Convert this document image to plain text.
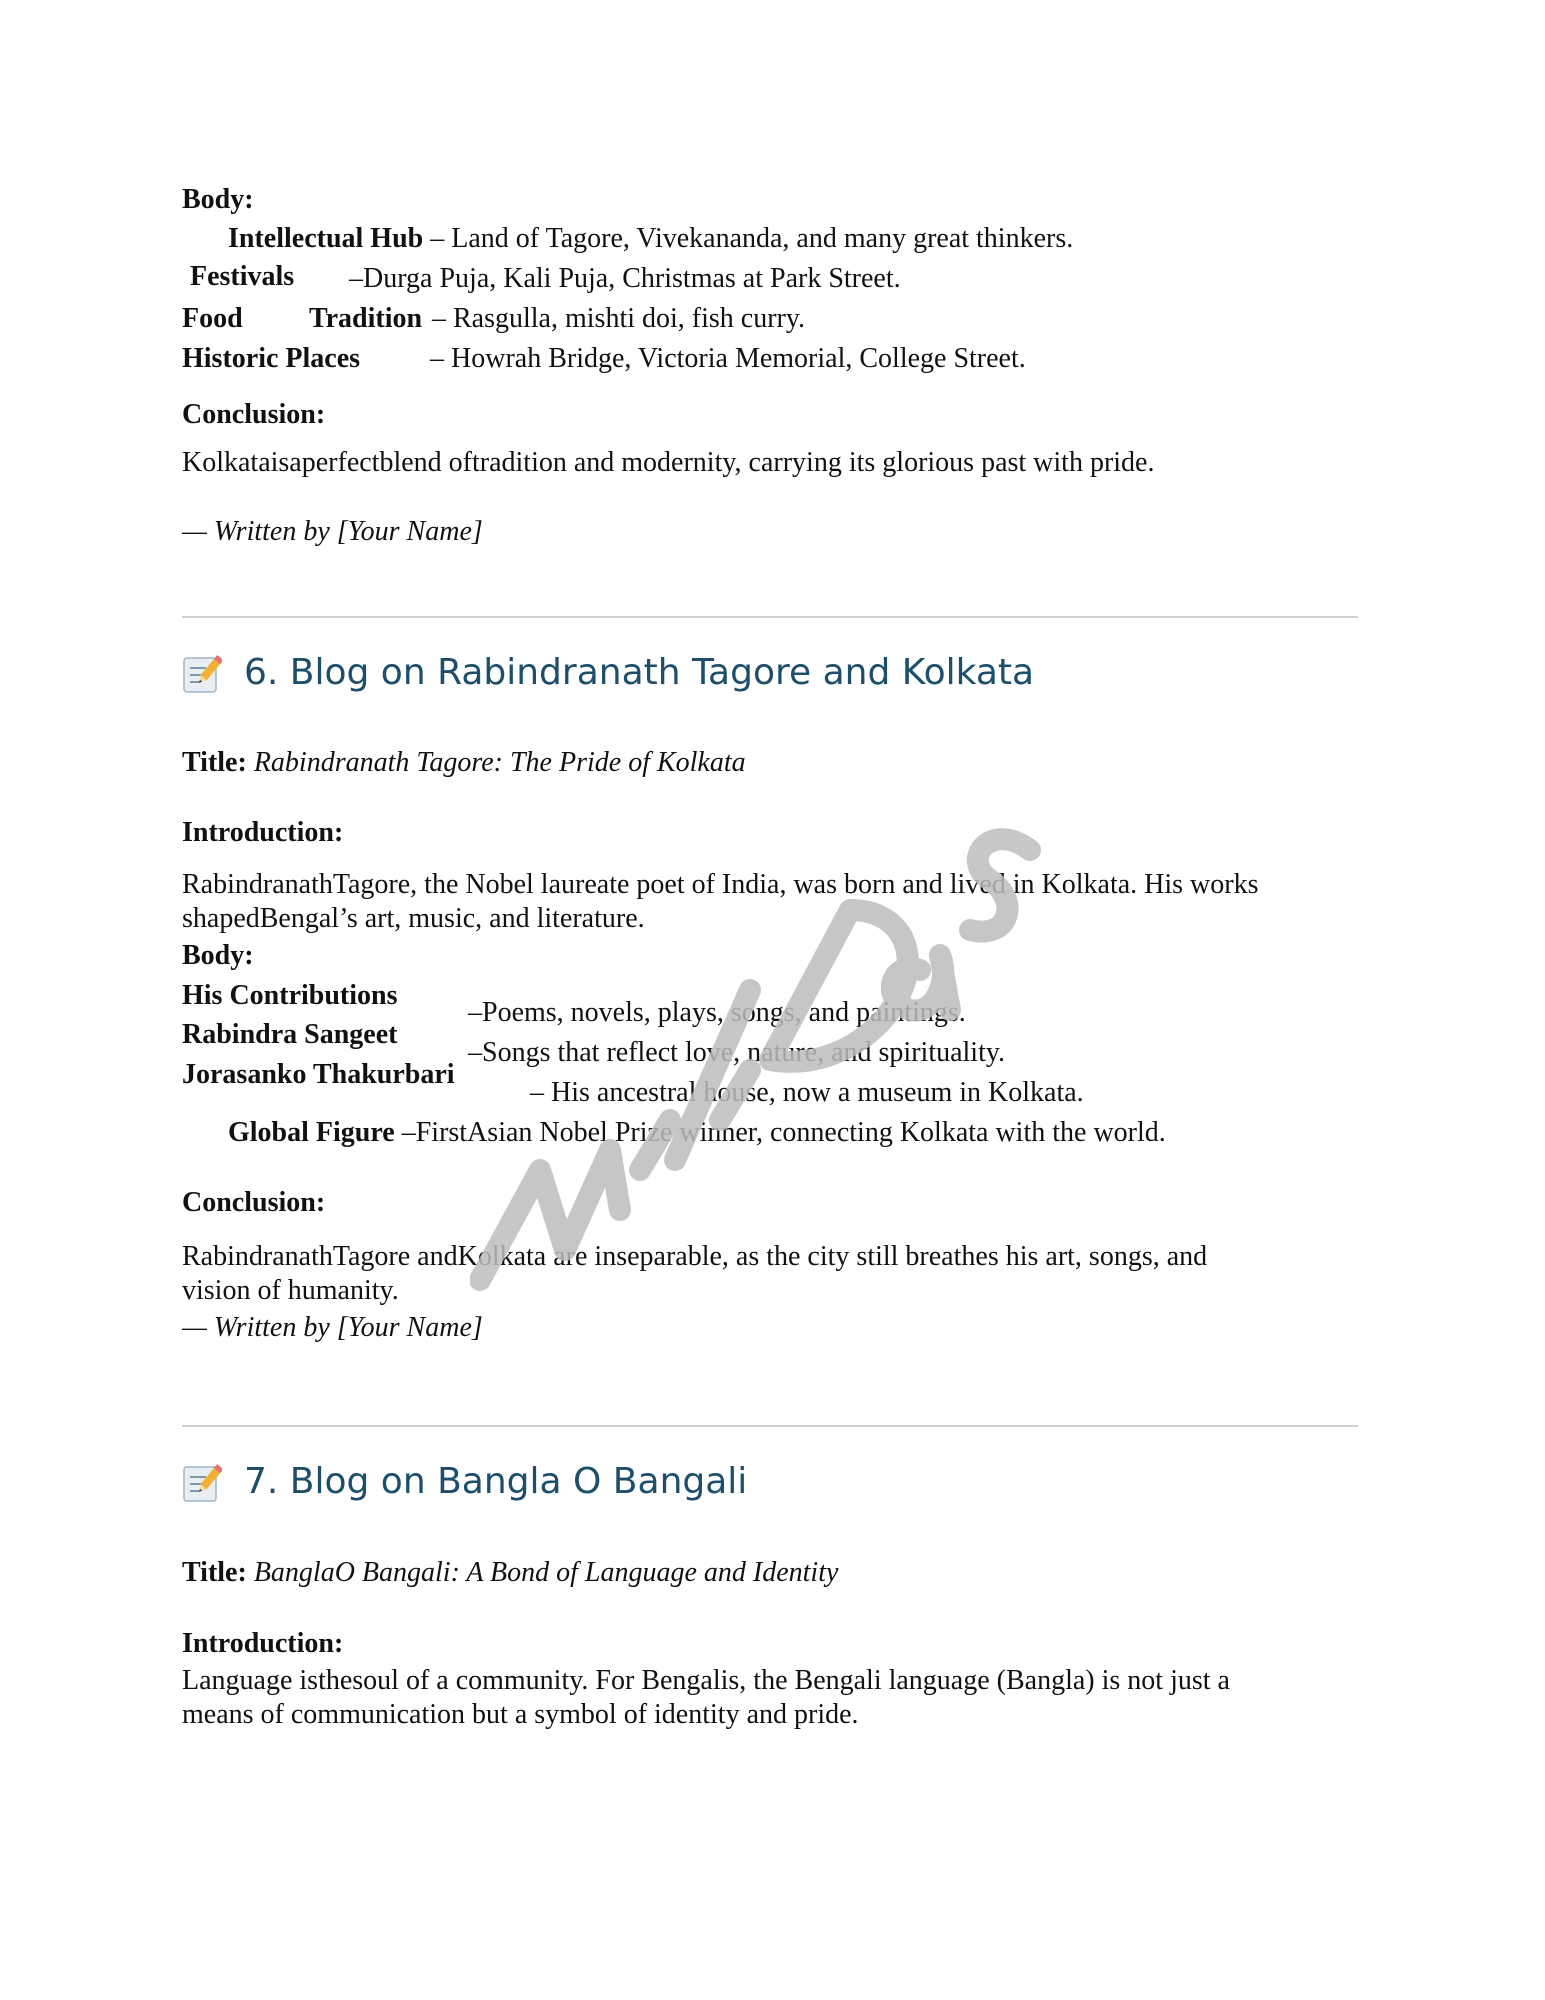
Body:
Intellectual Hub – Land of Tagore, Vivekananda, and many great thinkers.
Festivals –Durga Puja, Kali Puja, Christmas at Park Street.
Food Tradition – Rasgulla, mishti doi, fish curry.
Historic Places – Howrah Bridge, Victoria Memorial, College Street.
Conclusion:
Kolkataisaperfectblend oftradition and modernity, carrying its glorious past with pride.
— Written by [Your Name]
6. Blog on Rabindranath Tagore and Kolkata
Title: Rabindranath Tagore: The Pride of Kolkata
Introduction:
RabindranathTagore, the Nobel laureate poet of India, was born and lived in Kolkata. His works
shapedBengal’s art, music, and literature.
Body:
His Contributions
–Poems, novels, plays, songs, and paintings.
Rabindra Sangeet
–Songs that reflect love, nature, and spirituality.
Jorasanko Thakurbari
– His ancestral house, now a museum in Kolkata.
Global Figure –FirstAsian Nobel Prize winner, connecting Kolkata with the world.
Conclusion:
RabindranathTagore andKolkata are inseparable, as the city still breathes his art, songs, and
vision of humanity.
— Written by [Your Name]
7. Blog on Bangla O Bangali
Title: BanglaO Bangali: A Bond of Language and Identity
Introduction:
Language isthesoul of a community. For Bengalis, the Bengali language (Bangla) is not just a
means of communication but a symbol of identity and pride.
